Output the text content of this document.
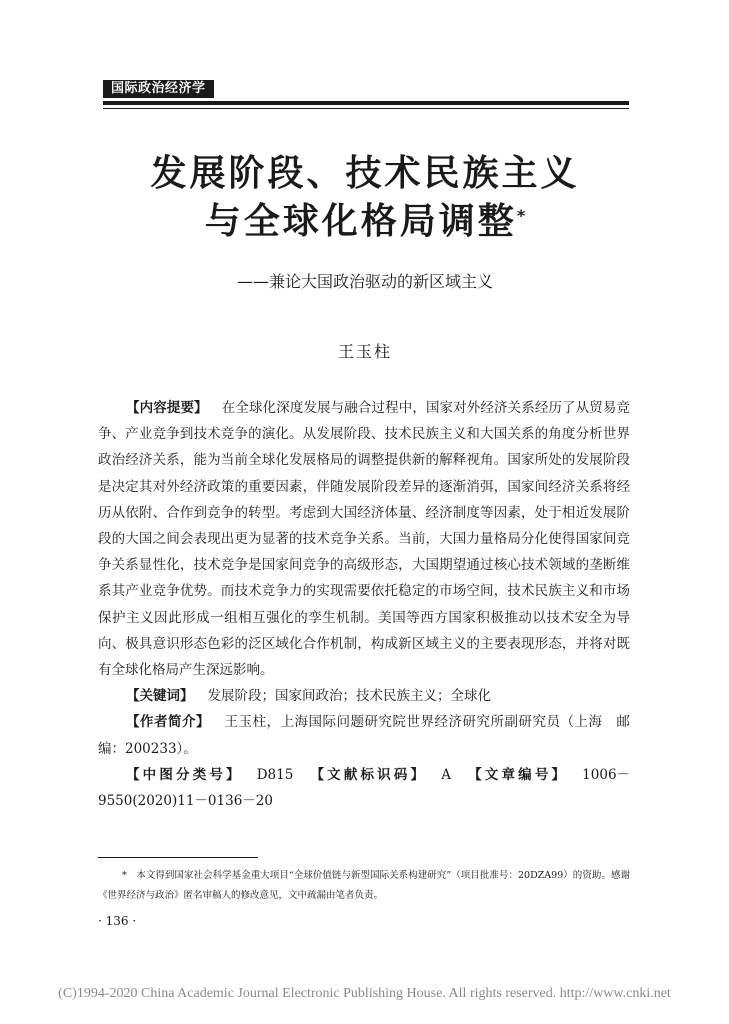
国际政治经济学
发展阶段、技术民族主义
与全球化格局调整*
——兼论大国政治驱动的新区域主义
王玉柱

【内容提要】 在全球化深度发展与融合过程中，国家对外经济关系经历了从贸易竞争、产业竞争到技术竞争的演化。从发展阶段、技术民族主义和大国关系的角度分析世界政治经济关系，能为当前全球化发展格局的调整提供新的解释视角。国家所处的发展阶段是决定其对外经济政策的重要因素，伴随发展阶段差异的逐渐消弭，国家间经济关系将经历从依附、合作到竞争的转型。考虑到大国经济体量、经济制度等因素，处于相近发展阶段的大国之间会表现出更为显著的技术竞争关系。当前，大国力量格局分化使得国家间竞争关系显性化，技术竞争是国家间竞争的高级形态，大国期望通过核心技术领域的垄断维系其产业竞争优势。而技术竞争力的实现需要依托稳定的市场空间，技术民族主义和市场保护主义因此形成一组相互强化的孪生机制。美国等西方国家积极推动以技术安全为导向、极具意识形态色彩的泛区域化合作机制，构成新区域主义的主要表现形态，并将对既有全球化格局产生深远影响。

【关键词】 发展阶段；国家间政治；技术民族主义；全球化

【作者简介】 王玉柱，上海国际问题研究院世界经济研究所副研究员（上海　邮编：200233）。

【中图分类号】 D815 【文献标识码】 A 【文章编号】 1006－9550(2020)11－0136－20

*　 本文得到国家社会科学基金重大项目“全球价值链与新型国际关系构建研究”（项目批准号：20DZA99）的资助。感谢《世界经济与政治》匿名审稿人的修改意见，文中疏漏由笔者负责。

· 136 ·
(C)1994-2020 China Academic Journal Electronic Publishing House. All rights reserved. http://www.cnki.net
